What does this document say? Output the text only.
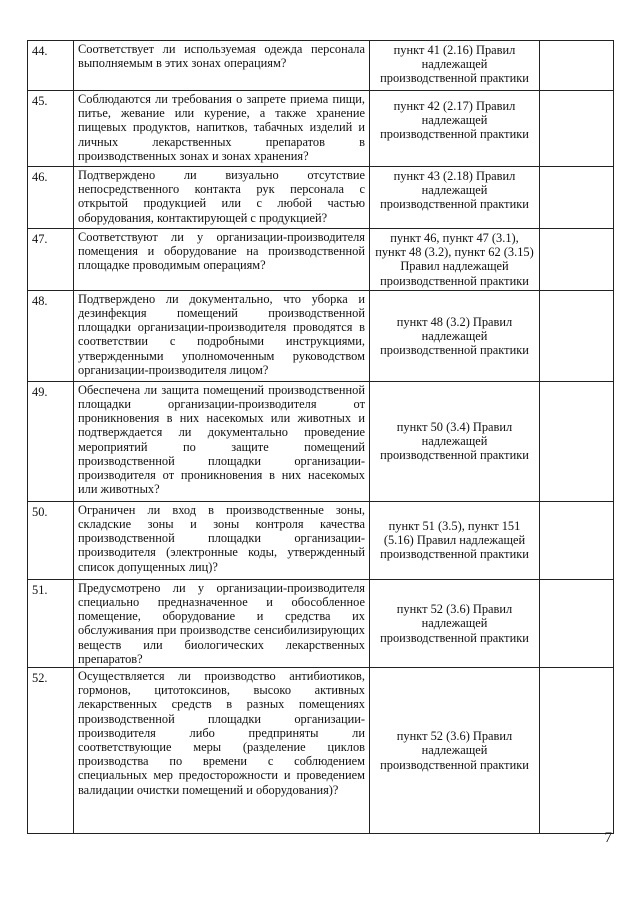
44.	Соответствует ли используемая одежда персонала выполняемым в этих зонах операциям?	пункт 41 (2.16) Правил надлежащей производственной практики	
45.	Соблюдаются ли требования о запрете приема пищи, питье, жевание или курение, а также хранение пищевых продуктов, напитков, табачных изделий и личных лекарственных препаратов в производственных зонах и зонах хранения?	пункт 42 (2.17) Правил надлежащей производственной практики	
46.	Подтверждено ли визуально отсутствие непосредственного контакта рук персонала с открытой продукцией или с любой частью оборудования, контактирующей с продукцией?	пункт 43 (2.18) Правил надлежащей производственной практики	
47.	Соответствуют ли у организации-производителя помещения и оборудование на производственной площадке проводимым операциям?	пункт 46, пункт 47 (3.1), пункт 48 (3.2), пункт 62 (3.15) Правил надлежащей производственной практики	
48.	Подтверждено ли документально, что уборка и дезинфекция помещений производственной площадки организации-производителя проводятся в соответствии с подробными инструкциями, утвержденными уполномоченным руководством организации-производителя лицом?	пункт 48 (3.2) Правил надлежащей производственной практики	
49.	Обеспечена ли защита помещений производственной площадки организации-производителя от проникновения в них насекомых или животных и подтверждается ли документально проведение мероприятий по защите помещений производственной площадки организации-производителя от проникновения в них насекомых или животных?	пункт 50 (3.4) Правил надлежащей производственной практики	
50.	Ограничен ли вход в производственные зоны, складские зоны и зоны контроля качества производственной площадки организации-производителя (электронные коды, утвержденный список допущенных лиц)?	пункт 51 (3.5), пункт 151 (5.16) Правил надлежащей производственной практики	
51.	Предусмотрено ли у организации-производителя специально предназначенное и обособленное помещение, оборудование и средства их обслуживания при производстве сенсибилизирующих веществ или биологических лекарственных препаратов?	пункт 52 (3.6) Правил надлежащей производственной практики	
52.	Осуществляется ли производство антибиотиков, гормонов, цитотоксинов, высоко активных лекарственных средств в разных помещениях производственной площадки организации-производителя либо предприняты ли соответствующие меры (разделение циклов производства по времени с соблюдением специальных мер предосторожности и проведением валидации очистки помещений и оборудования)?	пункт 52 (3.6) Правил надлежащей производственной практики	
7
